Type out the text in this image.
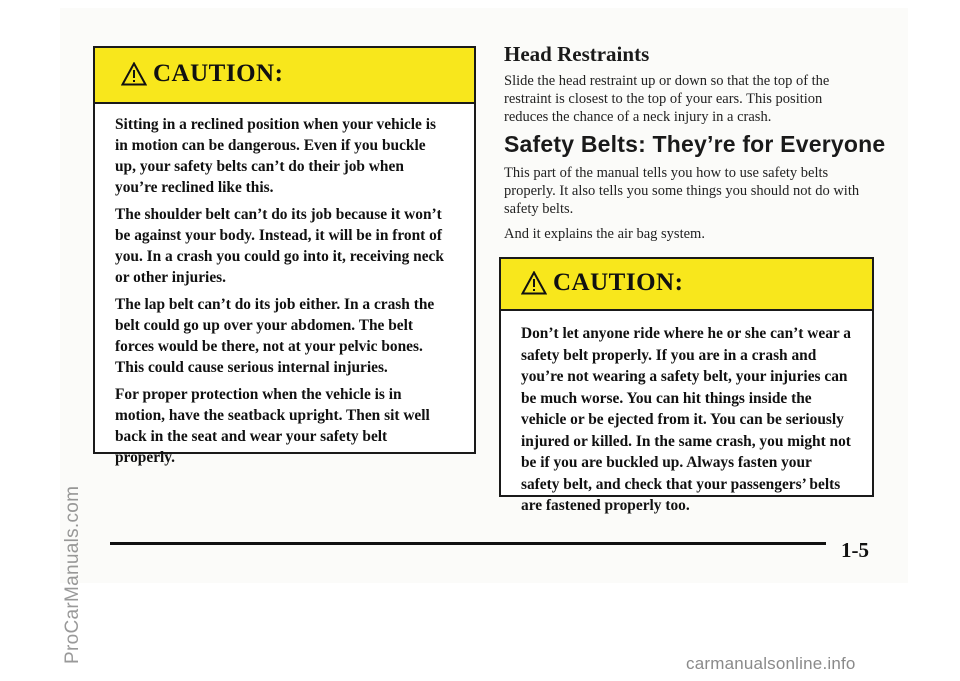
CAUTION:

Sitting in a reclined position when your vehicle is in motion can be dangerous. Even if you buckle up, your safety belts can’t do their job when you’re reclined like this.

The shoulder belt can’t do its job because it won’t be against your body. Instead, it will be in front of you. In a crash you could go into it, receiving neck or other injuries.

The lap belt can’t do its job either. In a crash the belt could go up over your abdomen. The belt forces would be there, not at your pelvic bones. This could cause serious internal injuries.

For proper protection when the vehicle is in motion, have the seatback upright. Then sit well back in the seat and wear your safety belt properly.

Head Restraints

Slide the head restraint up or down so that the top of the restraint is closest to the top of your ears. This position reduces the chance of a neck injury in a crash.

Safety Belts: They’re for Everyone

This part of the manual tells you how to use safety belts properly. It also tells you some things you should not do with safety belts.

And it explains the air bag system.

CAUTION:

Don’t let anyone ride where he or she can’t wear a safety belt properly. If you are in a crash and you’re not wearing a safety belt, your injuries can be much worse. You can hit things inside the vehicle or be ejected from it. You can be seriously injured or killed. In the same crash, you might not be if you are buckled up. Always fasten your safety belt, and check that your passengers’ belts are fastened properly too.

1-5
ProCarManuals.com	carmanualsonline.info
